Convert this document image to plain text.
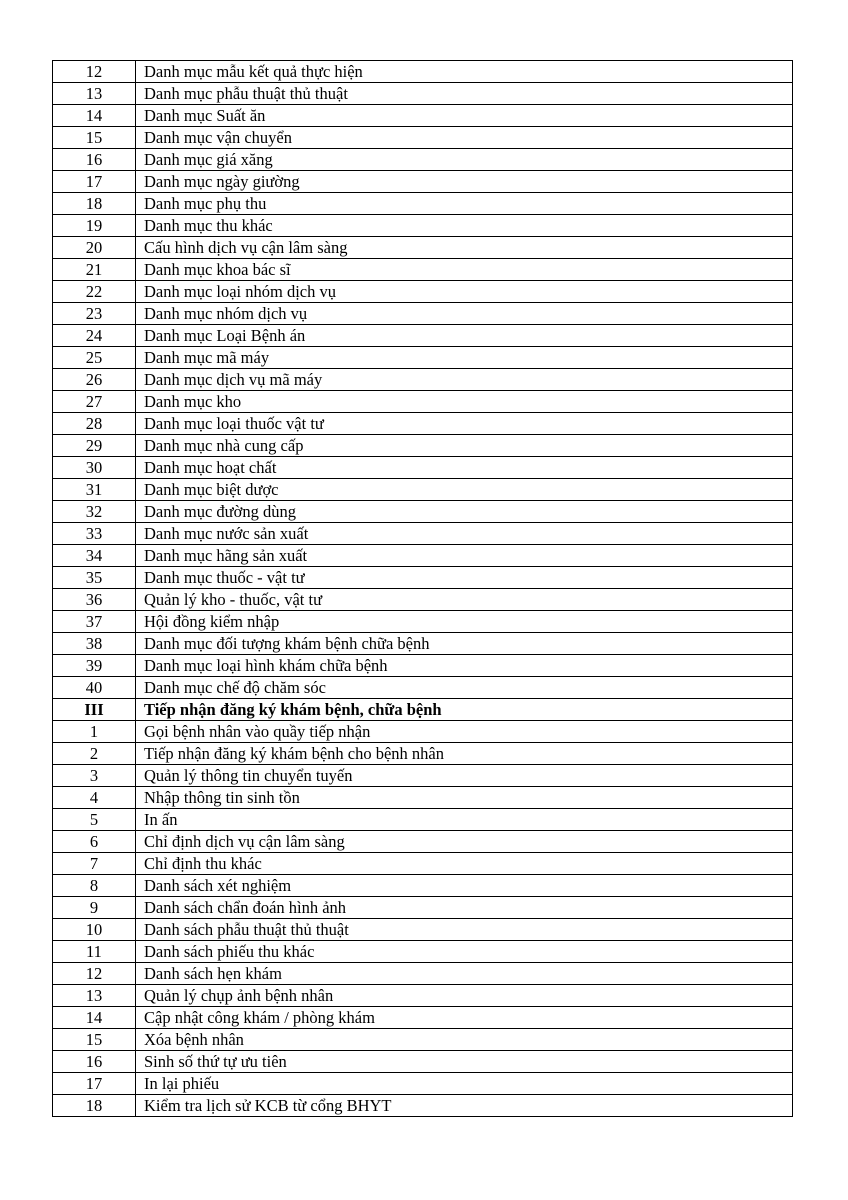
12	Danh mục mẫu kết quả thực hiện
13	Danh mục phẫu thuật thủ thuật
14	Danh mục Suất ăn
15	Danh mục vận chuyển
16	Danh mục giá xăng
17	Danh mục ngày giường
18	Danh mục phụ thu
19	Danh mục thu khác
20	Cấu hình dịch vụ cận lâm sàng
21	Danh mục khoa bác sĩ
22	Danh mục loại nhóm dịch vụ
23	Danh mục nhóm dịch vụ
24	Danh mục Loại Bệnh án
25	Danh mục mã máy
26	Danh mục dịch vụ mã máy
27	Danh mục kho
28	Danh mục loại thuốc vật tư
29	Danh mục nhà cung cấp
30	Danh mục hoạt chất
31	Danh mục biệt dược
32	Danh mục đường dùng
33	Danh mục nước sản xuất
34	Danh mục hãng sản xuất
35	Danh mục thuốc - vật tư
36	Quản lý kho - thuốc, vật tư
37	Hội đồng kiểm nhập
38	Danh mục đối tượng khám bệnh chữa bệnh
39	Danh mục loại hình khám chữa bệnh
40	Danh mục chế độ chăm sóc
III	Tiếp nhận đăng ký khám bệnh, chữa bệnh
1	Gọi bệnh nhân vào quầy tiếp nhận
2	Tiếp nhận đăng ký khám bệnh cho bệnh nhân
3	Quản lý thông tin chuyển tuyến
4	Nhập thông tin sinh tồn
5	In ấn
6	Chỉ định dịch vụ cận lâm sàng
7	Chỉ định thu khác
8	Danh sách xét nghiệm
9	Danh sách chẩn đoán hình ảnh
10	Danh sách phẫu thuật thủ thuật
11	Danh sách phiếu thu khác
12	Danh sách hẹn khám
13	Quản lý chụp ảnh bệnh nhân
14	Cập nhật công khám / phòng khám
15	Xóa bệnh nhân
16	Sinh số thứ tự ưu tiên
17	In lại phiếu
18	Kiểm tra lịch sử KCB từ cổng BHYT
